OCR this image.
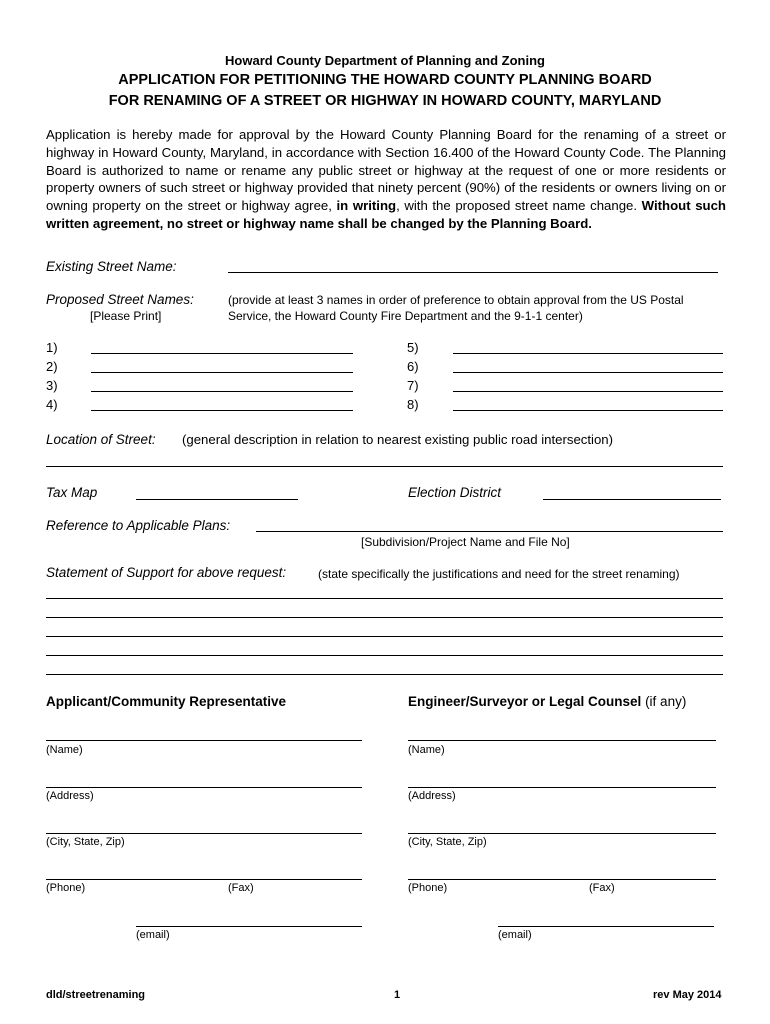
Howard County Department of Planning and Zoning
APPLICATION FOR PETITIONING THE HOWARD COUNTY PLANNING BOARD
FOR RENAMING OF A STREET OR HIGHWAY IN HOWARD COUNTY, MARYLAND
Application is hereby made for approval by the Howard County Planning Board for the renaming of a street or highway in Howard County, Maryland, in accordance with Section 16.400 of the Howard County Code. The Planning Board is authorized to name or rename any public street or highway at the request of one or more residents or property owners of such street or highway provided that ninety percent (90%) of the residents or owners living on or owning property on the street or highway agree, in writing, with the proposed street name change. Without such written agreement, no street or highway name shall be changed by the Planning Board.
Existing Street Name:
Proposed Street Names:
[Please Print]
(provide at least 3 names in order of preference to obtain approval from the US Postal
Service, the Howard County Fire Department and the 9-1-1 center)
1)
2)
3)
4)
5)
6)
7)
8)
Location of Street: (general description in relation to nearest existing public road intersection)
Tax Map	Election District
Reference to Applicable Plans:
[Subdivision/Project Name and File No]
Statement of Support for above request:	(state specifically the justifications and need for the street renaming)
Applicant/Community Representative
(Name)
(Address)
(City, State, Zip)
(Phone)	(Fax)
(email)
Engineer/Surveyor or Legal Counsel (if any)
(Name)
(Address)
(City, State, Zip)
(Phone)	(Fax)
(email)
dld/streetrenaming	1	rev May 2014
